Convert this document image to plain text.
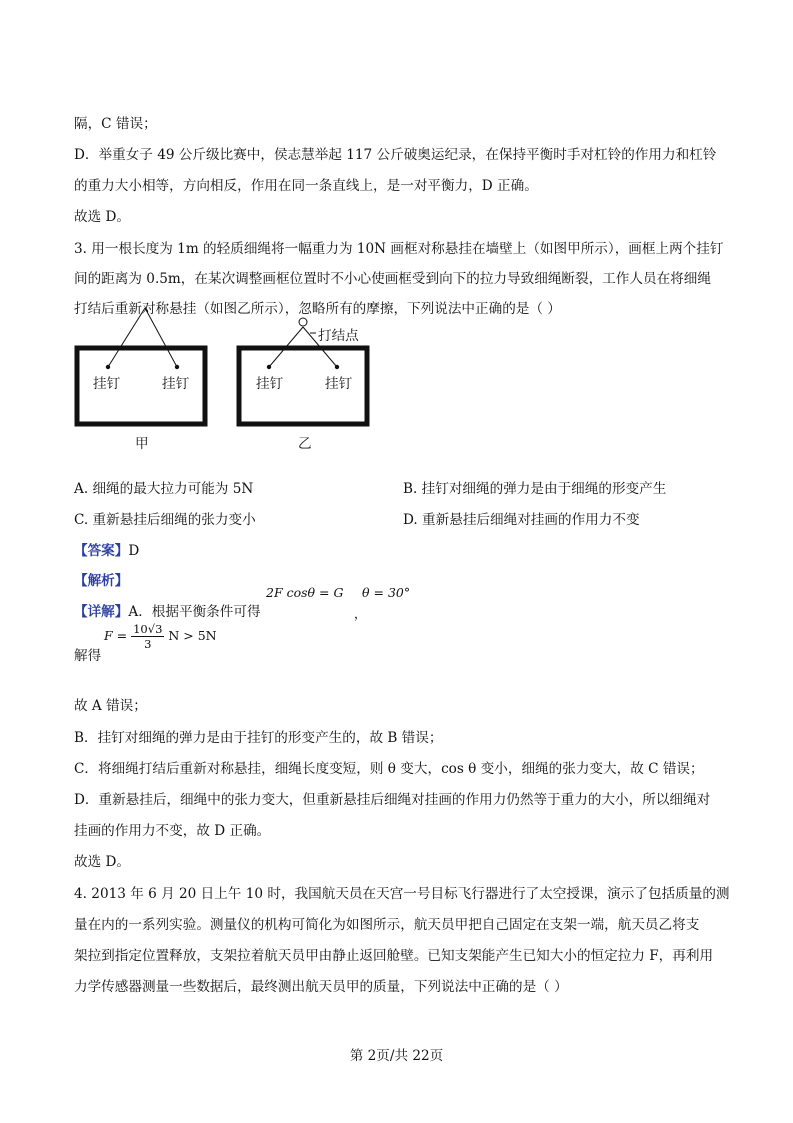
隔，C 错误；
D．举重女子 49 公斤级比赛中，侯志慧举起 117 公斤破奥运纪录，在保持平衡时手对杠铃的作用力和杠铃
的重力大小相等，方向相反，作用在同一条直线上，是一对平衡力，D 正确。
故选 D。
3. 用一根长度为 1m 的轻质细绳将一幅重力为 10N 画框对称悬挂在墙壁上（如图甲所示），画框上两个挂钉
间的距离为 0.5m，在某次调整画框位置时不小心使画框受到向下的拉力导致细绳断裂，工作人员在将细绳
打结后重新对称悬挂（如图乙所示），忽略所有的摩擦，下列说法中正确的是（ ）
挂钉	挂钉	挂钉	挂钉
打结点
甲	乙
A. 细绳的最大拉力可能为 5N	B. 挂钉对细绳的弹力是由于细绳的形变产生
C. 重新悬挂后细绳的张力变小	D. 重新悬挂后细绳对挂画的作用力不变
【答案】D
【解析】
【详解】A．根据平衡条件可得
2F cosθ = G θ = 30°
，
解得
$F = \frac{10√3}{3}$ N > 5N
故 A 错误；
B．挂钉对细绳的弹力是由于挂钉的形变产生的，故 B 错误；
C．将细绳打结后重新对称悬挂，细绳长度变短，则 θ 变大，cos θ 变小，细绳的张力变大，故 C 错误；
D．重新悬挂后，细绳中的张力变大，但重新悬挂后细绳对挂画的作用力仍然等于重力的大小，所以细绳对
挂画的作用力不变，故 D 正确。
故选 D。
4. 2013 年 6 月 20 日上午 10 时，我国航天员在天宫一号目标飞行器进行了太空授课，演示了包括质量的测
量在内的一系列实验。测量仪的机构可简化为如图所示，航天员甲把自己固定在支架一端，航天员乙将支
架拉到指定位置释放，支架拉着航天员甲由静止返回舱壁。已知支架能产生已知大小的恒定拉力 F，再利用
力学传感器测量一些数据后，最终测出航天员甲的质量，下列说法中正确的是（ ）
第 2页/共 22页
